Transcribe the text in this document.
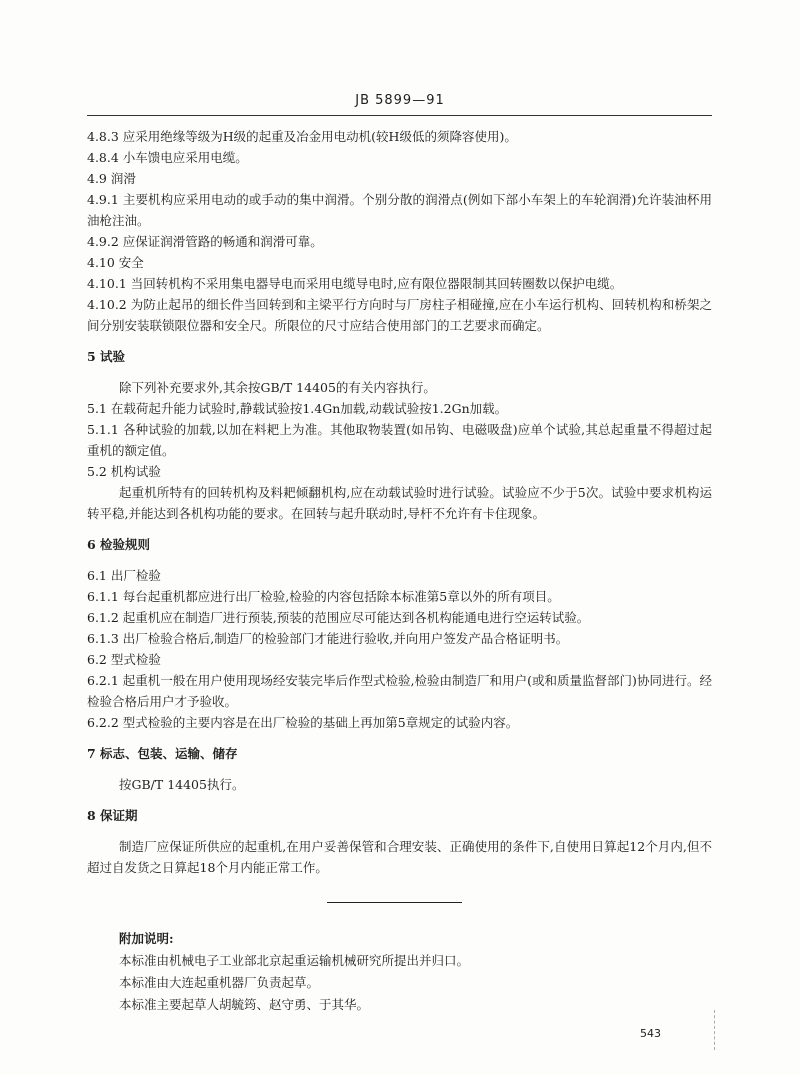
JB 5899—91

4.8.3 应采用绝缘等级为H级的起重及冶金用电动机(较H级低的须降容使用)。

4.8.4 小车馈电应采用电缆。

4.9 润滑

4.9.1 主要机构应采用电动的或手动的集中润滑。个别分散的润滑点(例如下部小车架上的车轮润滑)允许装油杯用油枪注油。

4.9.2 应保证润滑管路的畅通和润滑可靠。

4.10 安全

4.10.1 当回转机构不采用集电器导电而采用电缆导电时,应有限位器限制其回转圈数以保护电缆。

4.10.2 为防止起吊的细长件当回转到和主梁平行方向时与厂房柱子相碰撞,应在小车运行机构、回转机构和桥架之间分别安装联锁限位器和安全尺。所限位的尺寸应结合使用部门的工艺要求而确定。

5 试验

除下列补充要求外,其余按GB/T 14405的有关内容执行。

5.1 在载荷起升能力试验时,静载试验按1.4Gn加载,动载试验按1.2Gn加载。

5.1.1 各种试验的加载,以加在料耙上为准。其他取物装置(如吊钩、电磁吸盘)应单个试验,其总起重量不得超过起重机的额定值。

5.2 机构试验

起重机所特有的回转机构及料耙倾翻机构,应在动载试验时进行试验。试验应不少于5次。试验中要求机构运转平稳,并能达到各机构功能的要求。在回转与起升联动时,导杆不允许有卡住现象。

6 检验规则

6.1 出厂检验

6.1.1 每台起重机都应进行出厂检验,检验的内容包括除本标准第5章以外的所有项目。

6.1.2 起重机应在制造厂进行预装,预装的范围应尽可能达到各机构能通电进行空运转试验。

6.1.3 出厂检验合格后,制造厂的检验部门才能进行验收,并向用户签发产品合格证明书。

6.2 型式检验

6.2.1 起重机一般在用户使用现场经安装完毕后作型式检验,检验由制造厂和用户(或和质量监督部门)协同进行。经检验合格后用户才予验收。

6.2.2 型式检验的主要内容是在出厂检验的基础上再加第5章规定的试验内容。

7 标志、包装、运输、储存

按GB/T 14405执行。

8 保证期

制造厂应保证所供应的起重机,在用户妥善保管和合理安装、正确使用的条件下,自使用日算起12个月内,但不超过自发货之日算起18个月内能正常工作。

附加说明:
本标准由机械电子工业部北京起重运输机械研究所提出并归口。
本标准由大连起重机器厂负责起草。
本标准主要起草人胡毓筠、赵守勇、于其华。
543
